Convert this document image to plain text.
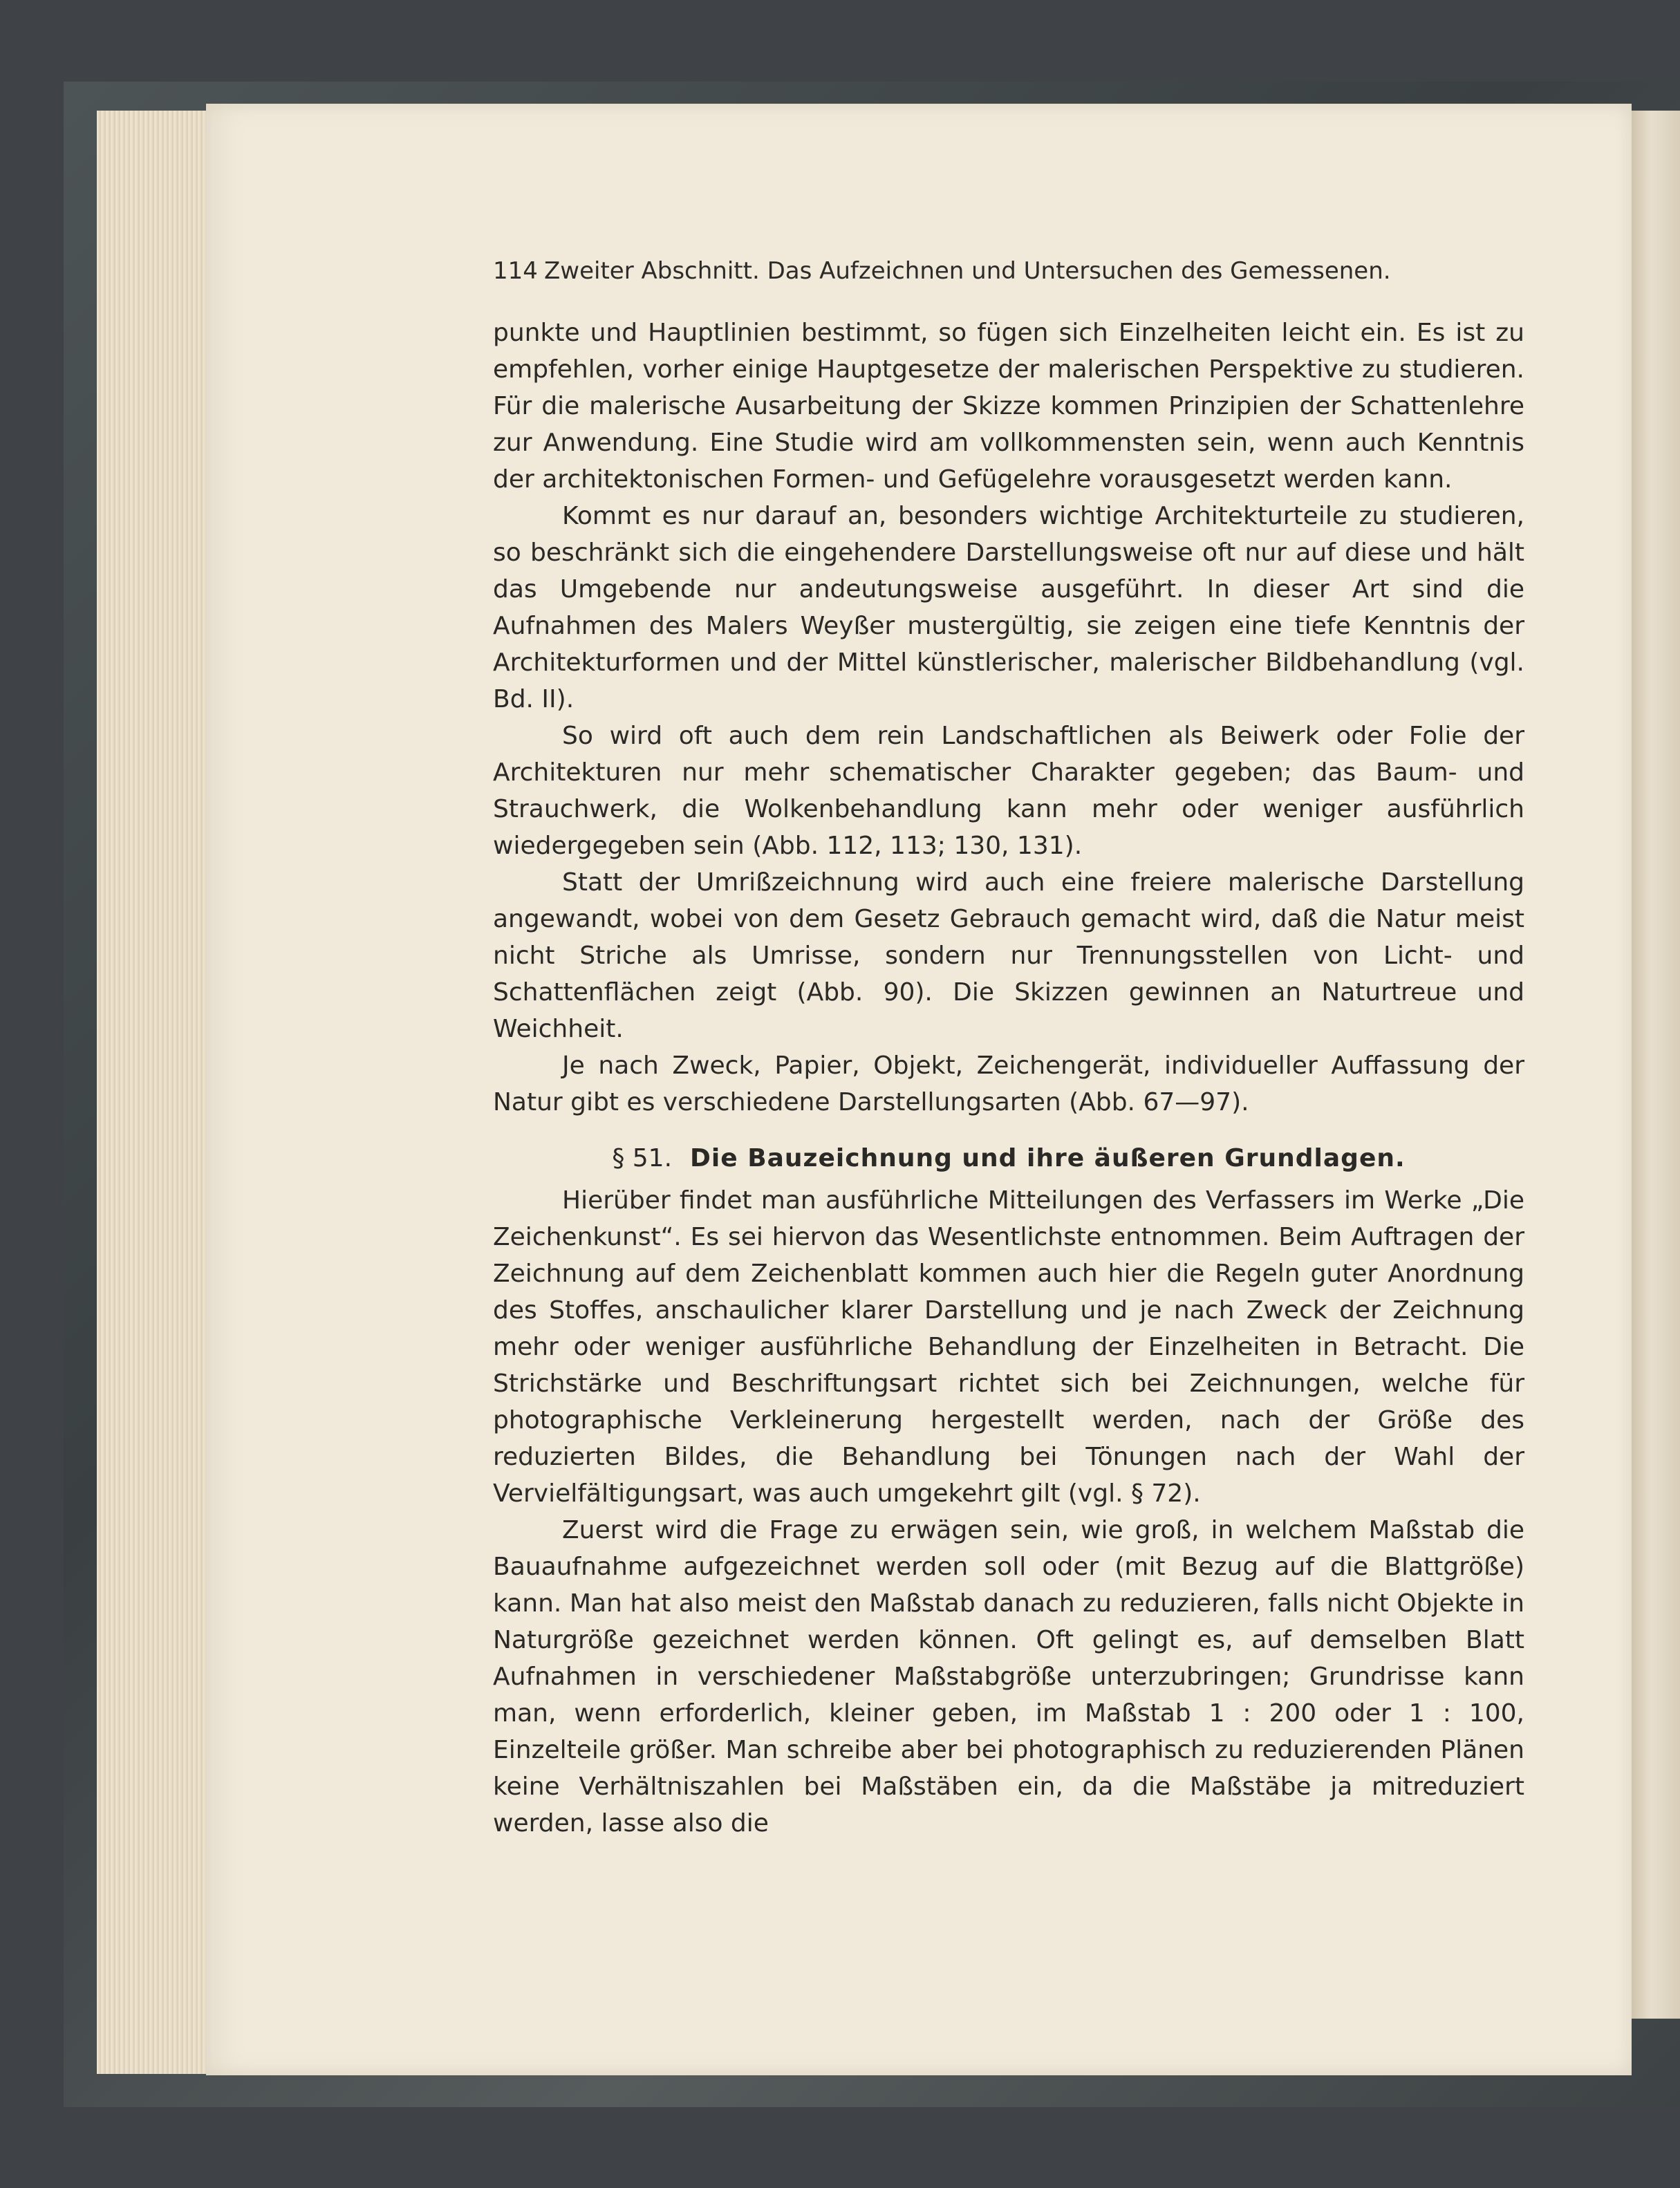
114 Zweiter Abschnitt. Das Aufzeichnen und Untersuchen des Gemessenen.

punkte und Hauptlinien bestimmt, so fügen sich Einzelheiten leicht ein. Es ist zu empfehlen, vorher einige Hauptgesetze der malerischen Perspektive zu studieren. Für die malerische Ausarbeitung der Skizze kommen Prinzipien der Schattenlehre zur Anwendung. Eine Studie wird am vollkommensten sein, wenn auch Kenntnis der architektonischen Formen- und Gefügelehre vorausgesetzt werden kann.

Kommt es nur darauf an, besonders wichtige Architekturteile zu studieren, so beschränkt sich die eingehendere Darstellungsweise oft nur auf diese und hält das Umgebende nur andeutungsweise ausgeführt. In dieser Art sind die Aufnahmen des Malers Weyßer mustergültig, sie zeigen eine tiefe Kenntnis der Architekturformen und der Mittel künstlerischer, malerischer Bildbehandlung (vgl. Bd. II).

So wird oft auch dem rein Landschaftlichen als Beiwerk oder Folie der Architekturen nur mehr schematischer Charakter gegeben; das Baum- und Strauchwerk, die Wolkenbehandlung kann mehr oder weniger ausführlich wiedergegeben sein (Abb. 112, 113; 130, 131).

Statt der Umrißzeichnung wird auch eine freiere malerische Darstellung angewandt, wobei von dem Gesetz Gebrauch gemacht wird, daß die Natur meist nicht Striche als Umrisse, sondern nur Trennungsstellen von Licht- und Schattenflächen zeigt (Abb. 90). Die Skizzen gewinnen an Naturtreue und Weichheit.

Je nach Zweck, Papier, Objekt, Zeichengerät, individueller Auffassung der Natur gibt es verschiedene Darstellungsarten (Abb. 67—97).

§ 51. Die Bauzeichnung und ihre äußeren Grundlagen.

Hierüber findet man ausführliche Mitteilungen des Verfassers im Werke „Die Zeichenkunst“. Es sei hiervon das Wesentlichste entnommen. Beim Auftragen der Zeichnung auf dem Zeichenblatt kommen auch hier die Regeln guter Anordnung des Stoffes, anschaulicher klarer Darstellung und je nach Zweck der Zeichnung mehr oder weniger ausführliche Behandlung der Einzelheiten in Betracht. Die Strichstärke und Beschriftungsart richtet sich bei Zeichnungen, welche für photographische Verkleinerung hergestellt werden, nach der Größe des reduzierten Bildes, die Behandlung bei Tönungen nach der Wahl der Vervielfältigungsart, was auch umgekehrt gilt (vgl. § 72).

Zuerst wird die Frage zu erwägen sein, wie groß, in welchem Maßstab die Bauaufnahme aufgezeichnet werden soll oder (mit Bezug auf die Blattgröße) kann. Man hat also meist den Maßstab danach zu reduzieren, falls nicht Objekte in Naturgröße gezeichnet werden können. Oft gelingt es, auf demselben Blatt Aufnahmen in verschiedener Maßstabgröße unterzubringen; Grundrisse kann man, wenn erforderlich, kleiner geben, im Maßstab 1 : 200 oder 1 : 100, Einzelteile größer. Man schreibe aber bei photographisch zu reduzierenden Plänen keine Verhältniszahlen bei Maßstäben ein, da die Maßstäbe ja mitreduziert werden, lasse also die
